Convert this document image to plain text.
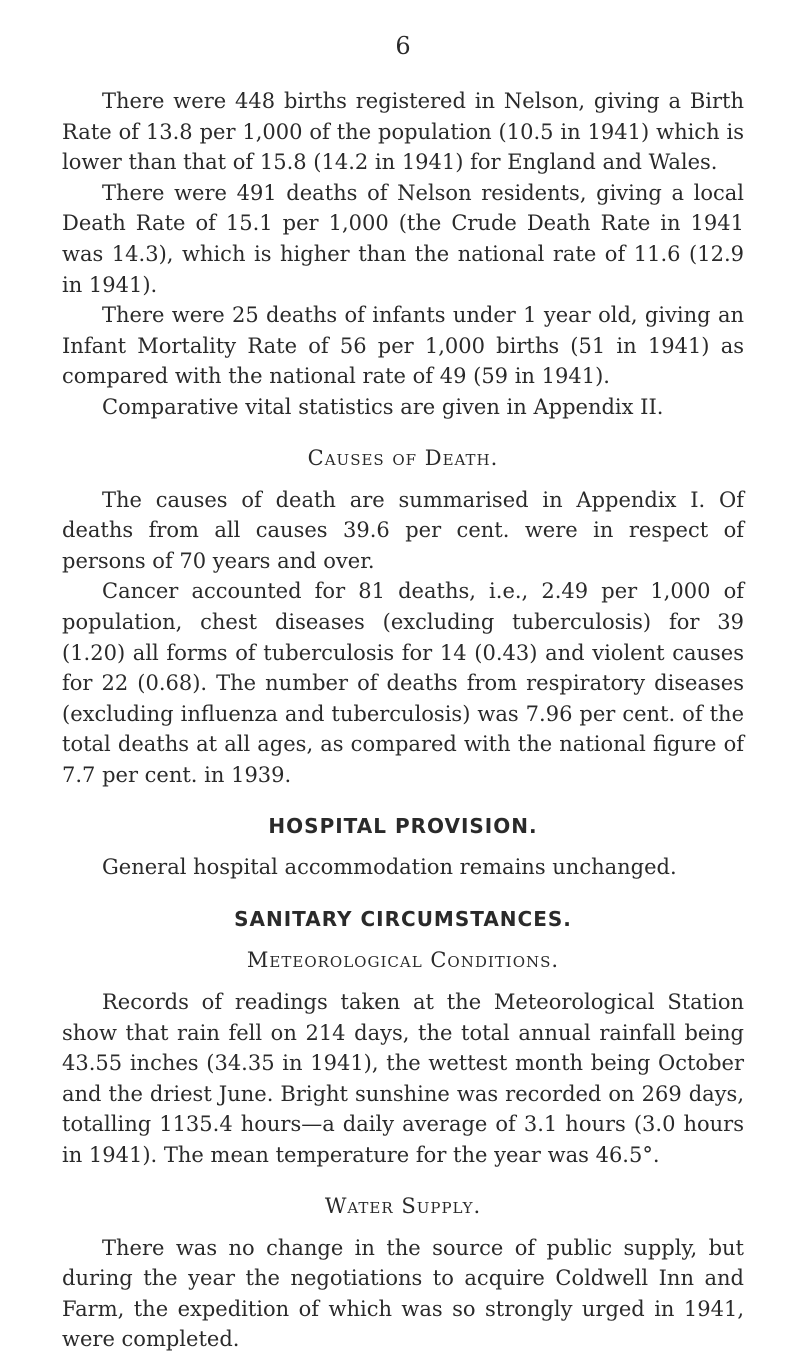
6

There were 448 births registered in Nelson, giving a Birth Rate of 13.8 per 1,000 of the population (10.5 in 1941) which is lower than that of 15.8 (14.2 in 1941) for England and Wales.

There were 491 deaths of Nelson residents, giving a local Death Rate of 15.1 per 1,000 (the Crude Death Rate in 1941 was 14.3), which is higher than the national rate of 11.6 (12.9 in 1941).

There were 25 deaths of infants under 1 year old, giving an Infant Mortality Rate of 56 per 1,000 births (51 in 1941) as compared with the national rate of 49 (59 in 1941).

Comparative vital statistics are given in Appendix II.

Causes of Death.

The causes of death are summarised in Appendix I. Of deaths from all causes 39.6 per cent. were in respect of persons of 70 years and over.

Cancer accounted for 81 deaths, i.e., 2.49 per 1,000 of population, chest diseases (excluding tuberculosis) for 39 (1.20) all forms of tuberculosis for 14 (0.43) and violent causes for 22 (0.68). The number of deaths from respiratory diseases (excluding influenza and tuberculosis) was 7.96 per cent. of the total deaths at all ages, as compared with the national figure of 7.7 per cent. in 1939.

HOSPITAL PROVISION.

General hospital accommodation remains unchanged.

SANITARY CIRCUMSTANCES.
Meteorological Conditions.

Records of readings taken at the Meteorological Station show that rain fell on 214 days, the total annual rainfall being 43.55 inches (34.35 in 1941), the wettest month being October and the driest June. Bright sunshine was recorded on 269 days, totalling 1135.4 hours—a daily average of 3.1 hours (3.0 hours in 1941). The mean temperature for the year was 46.5°.

Water Supply.

There was no change in the source of public supply, but during the year the negotiations to acquire Coldwell Inn and Farm, the expedition of which was so strongly urged in 1941, were completed.
